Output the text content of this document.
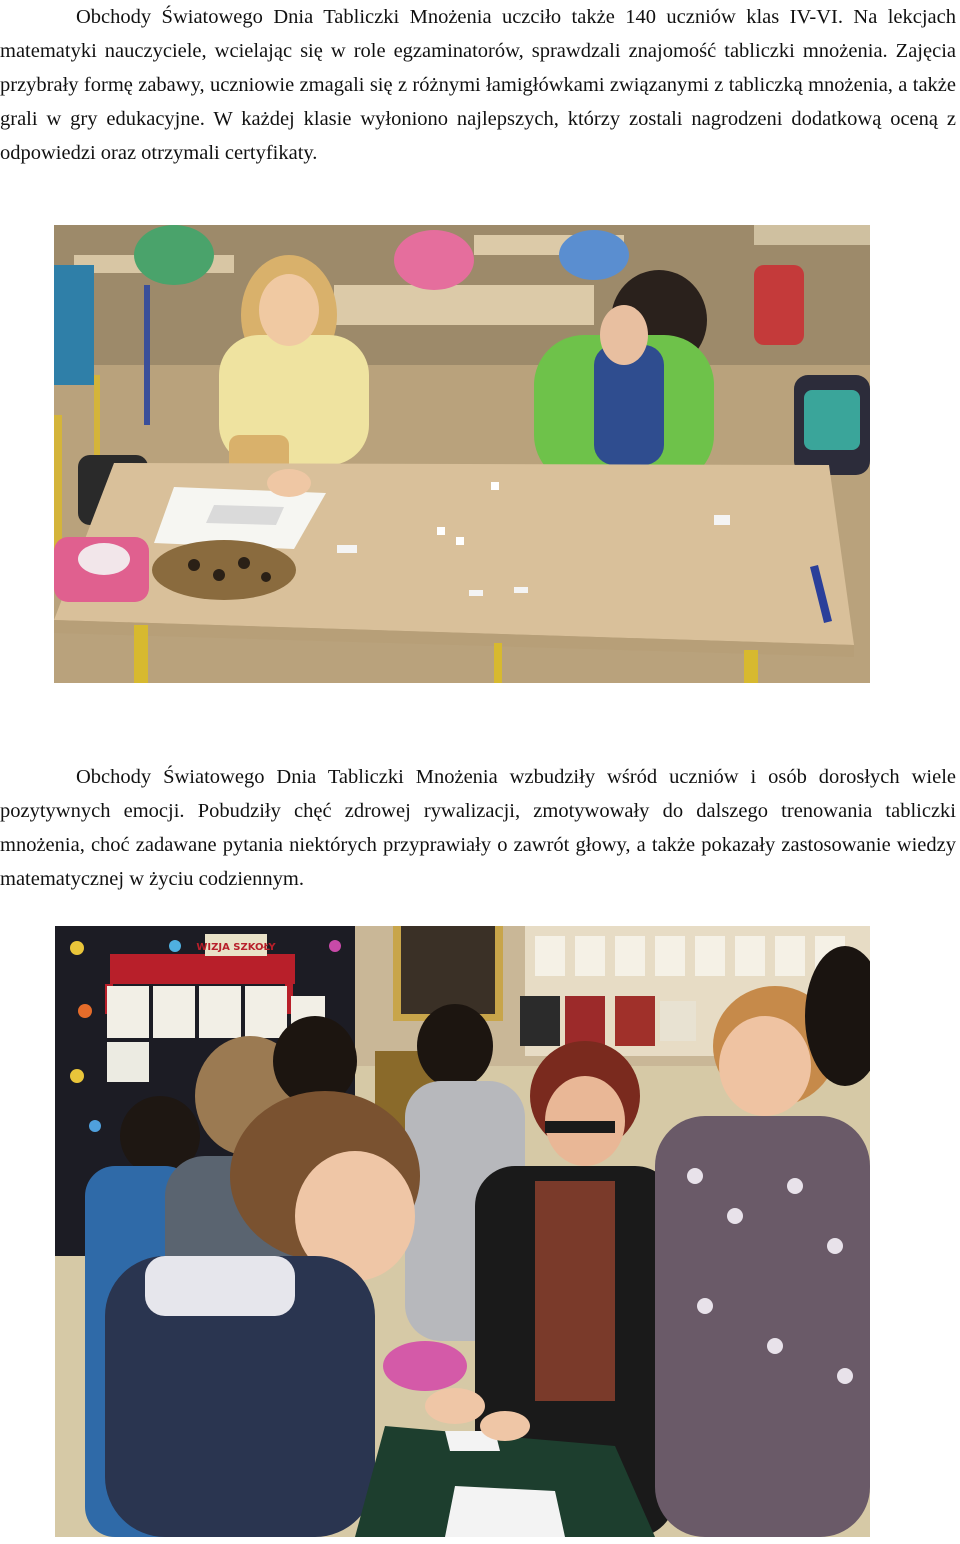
Obchody Światowego Dnia Tabliczki Mnożenia uczciło także 140 uczniów klas IV-VI. Na lekcjach matematyki nauczyciele, wcielając się w role egzaminatorów, sprawdzali znajomość tabliczki mnożenia. Zajęcia przybrały formę zabawy, uczniowie zmagali się z różnymi łamigłówkami związanymi z tabliczką mnożenia, a także grali w gry edukacyjne. W każdej klasie wyłoniono najlepszych, którzy zostali nagrodzeni dodatkową oceną z odpowiedzi oraz otrzymali certyfikaty.

Obchody Światowego Dnia Tabliczki Mnożenia wzbudziły wśród uczniów i osób dorosłych wiele pozytywnych emocji. Pobudziły chęć zdrowej rywalizacji, zmotywowały do dalszego trenowania tabliczki mnożenia, choć zadawane pytania niektórych przyprawiały o zawrót głowy, a także pokazały zastosowanie wiedzy matematycznej w życiu codziennym.

WIZJA SZKOŁY
